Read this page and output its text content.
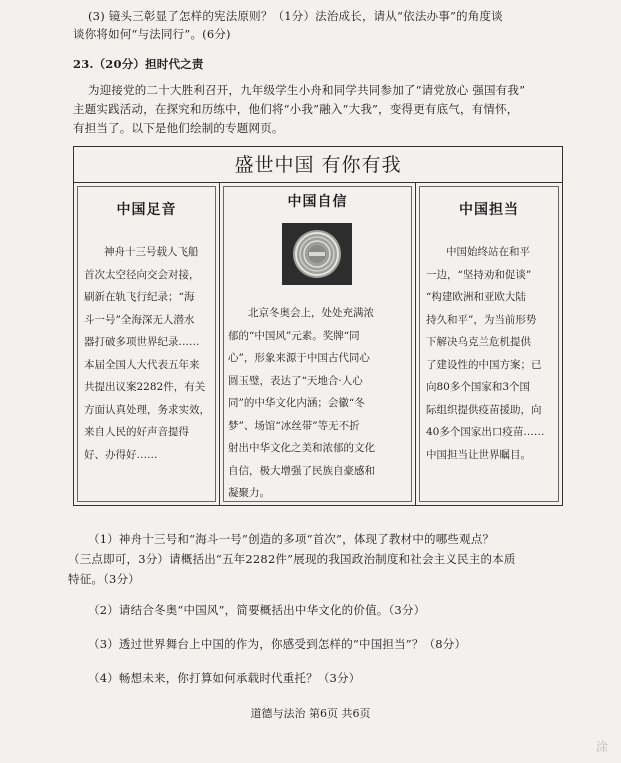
(3) 镜头三彰显了怎样的宪法原则？（1分）法治成长，请从“依法办事”的角度谈
谈你将如何“与法同行”。(6分)
23.（20分）担时代之责
为迎接党的二十大胜利召开，九年级学生小舟和同学共同参加了“请党放心 强国有我”
主题实践活动，在探究和历练中，他们将“小我”融入“大我”，变得更有底气，有情怀，
有担当了。以下是他们绘制的专题网页。
盛世中国 有你有我
中国足音
神舟十三号载人飞船
首次太空径向交会对接，
刷新在轨飞行纪录；“海
斗一号”全海深无人潜水
器打破多项世界纪录……
本届全国人大代表五年来
共提出议案2282件，有关
方面认真处理，务求实效，
来自人民的好声音提得
好、办得好……
中国自信
北京冬奥会上，处处充满浓
郁的“中国风”元素。奖牌“同
心”，形象来源于中国古代同心
圆玉璧，表达了“天地合·人心
同”的中华文化内涵；会徽“冬
梦”、场馆“冰丝带”等无不折
射出中华文化之美和浓郁的文化
自信，极大增强了民族自豪感和
凝聚力。
中国担当
中国始终站在和平
一边，“坚持劝和促谈”
“构建欧洲和亚欧大陆
持久和平”，为当前形势
下解决乌克兰危机提供
了建设性的中国方案；已
向80多个国家和3个国
际组织提供疫苗援助，向
40多个国家出口疫苗……
中国担当让世界瞩目。
（1）神舟十三号和“海斗一号”创造的多项“首次”，体现了教材中的哪些观点？
（三点即可，3分）请概括出“五年2282件”展现的我国政治制度和社会主义民主的本质
特征。（3分）
（2）请结合冬奥“中国风”，简要概括出中华文化的价值。（3分）
（3）透过世界舞台上中国的作为，你感受到怎样的“中国担当”？（8分）
（4）畅想未来，你打算如何承载时代重托？（3分）
道德与法治 第6页 共6页
涂
